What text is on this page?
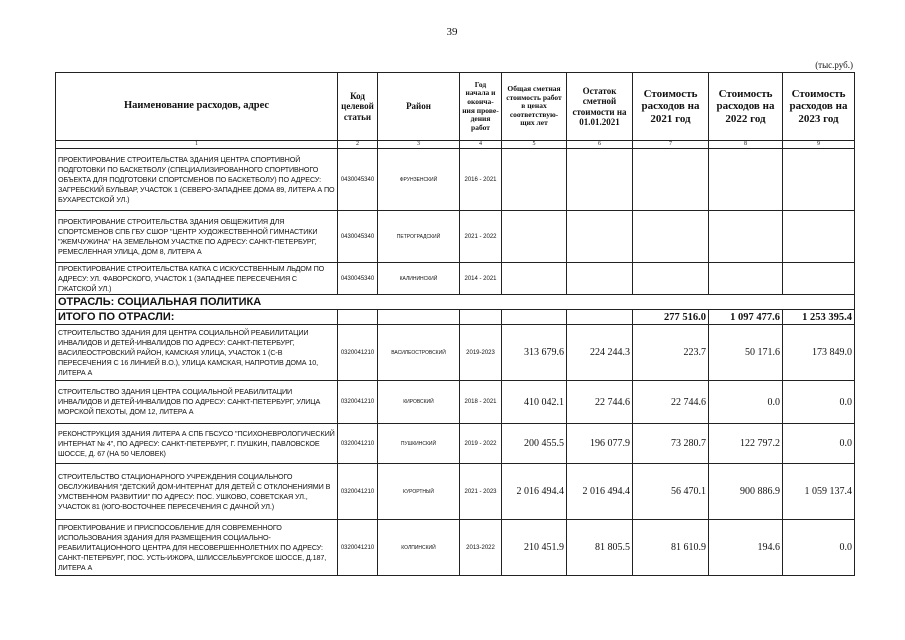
39
(тыс.руб.)
Наименование расходов, адрес	Код целевой статьи	Район	Год начала и оконча-ния прове-дения работ	Общая сметная стоимость работ в ценах соответствую-щих лет	Остаток сметной стоимости на 01.01.2021	Стоимость расходов на 2021 год	Стоимость расходов на 2022 год	Стоимость расходов на 2023 год
1	2	3	4	5	6	7	8	9
ПРОЕКТИРОВАНИЕ СТРОИТЕЛЬСТВА ЗДАНИЯ ЦЕНТРА СПОРТИВНОЙ ПОДГОТОВКИ ПО БАСКЕТБОЛУ (СПЕЦИАЛИЗИРОВАННОГО СПОРТИВНОГО ОБЪЕКТА ДЛЯ ПОДГОТОВКИ СПОРТСМЕНОВ ПО БАСКЕТБОЛУ) ПО АДРЕСУ: ЗАГРЕБСКИЙ БУЛЬВАР, УЧАСТОК 1 (СЕВЕРО-ЗАПАДНЕЕ ДОМА 89, ЛИТЕРА А ПО БУХАРЕСТСКОЙ УЛ.)	0430045340	ФРУНЗЕНСКИЙ	2016 - 2021					
ПРОЕКТИРОВАНИЕ СТРОИТЕЛЬСТВА ЗДАНИЯ ОБЩЕЖИТИЯ ДЛЯ СПОРТСМЕНОВ СПБ ГБУ СШОР "ЦЕНТР ХУДОЖЕСТВЕННОЙ ГИМНАСТИКИ "ЖЕМЧУЖИНА" НА ЗЕМЕЛЬНОМ УЧАСТКЕ ПО АДРЕСУ: САНКТ-ПЕТЕРБУРГ, РЕМЕСЛЕННАЯ УЛИЦА, ДОМ 8, ЛИТЕРА А	0430045340	ПЕТРОГРАДСКИЙ	2021 - 2022					
ПРОЕКТИРОВАНИЕ СТРОИТЕЛЬСТВА КАТКА С ИСКУССТВЕННЫМ ЛЬДОМ ПО АДРЕСУ: УЛ. ФАВОРСКОГО, УЧАСТОК 1 (ЗАПАДНЕЕ ПЕРЕСЕЧЕНИЯ С ГЖАТСКОЙ УЛ.)	0430045340	КАЛИНИНСКИЙ	2014 - 2021					
ОТРАСЛЬ: СОЦИАЛЬНАЯ ПОЛИТИКА								
ИТОГО ПО ОТРАСЛИ:						277 516.0	1 097 477.6	1 253 395.4
СТРОИТЕЛЬСТВО ЗДАНИЯ ДЛЯ ЦЕНТРА СОЦИАЛЬНОЙ РЕАБИЛИТАЦИИ ИНВАЛИДОВ И ДЕТЕЙ-ИНВАЛИДОВ ПО АДРЕСУ: САНКТ-ПЕТЕРБУРГ, ВАСИЛЕОСТРОВСКИЙ РАЙОН, КАМСКАЯ УЛИЦА, УЧАСТОК 1 (С-В ПЕРЕСЕЧЕНИЯ С 16 ЛИНИЕЙ В.О.), УЛИЦА КАМСКАЯ, НАПРОТИВ ДОМА 10, ЛИТЕРА А	0320041210	ВАСИЛЕОСТРОВСКИЙ	2019-2023	313 679.6	224 244.3	223.7	50 171.6	173 849.0
СТРОИТЕЛЬСТВО ЗДАНИЯ ЦЕНТРА СОЦИАЛЬНОЙ РЕАБИЛИТАЦИИ ИНВАЛИДОВ И ДЕТЕЙ-ИНВАЛИДОВ ПО АДРЕСУ: САНКТ-ПЕТЕРБУРГ, УЛИЦА МОРСКОЙ ПЕХОТЫ, ДОМ 12, ЛИТЕРА А	0320041210	КИРОВСКИЙ	2018 - 2021	410 042.1	22 744.6	22 744.6	0.0	0.0
РЕКОНСТРУКЦИЯ ЗДАНИЯ ЛИТЕРА А СПБ ГБСУСО "ПСИХОНЕВРОЛОГИЧЕСКИЙ ИНТЕРНАТ № 4", ПО АДРЕСУ: САНКТ-ПЕТЕРБУРГ, Г. ПУШКИН, ПАВЛОВСКОЕ ШОССЕ, Д. 67 (НА 50 ЧЕЛОВЕК)	0320041210	ПУШКИНСКИЙ	2019 - 2022	200 455.5	196 077.9	73 280.7	122 797.2	0.0
СТРОИТЕЛЬСТВО СТАЦИОНАРНОГО УЧРЕЖДЕНИЯ СОЦИАЛЬНОГО ОБСЛУЖИВАНИЯ "ДЕТСКИЙ ДОМ-ИНТЕРНАТ ДЛЯ ДЕТЕЙ С ОТКЛОНЕНИЯМИ В УМСТВЕННОМ РАЗВИТИИ" ПО АДРЕСУ: ПОС. УШКОВО, СОВЕТСКАЯ УЛ., УЧАСТОК 81 (ЮГО-ВОСТОЧНЕЕ ПЕРЕСЕЧЕНИЯ С ДАЧНОЙ УЛ.)	0320041210	КУРОРТНЫЙ	2021 - 2023	2 016 494.4	2 016 494.4	56 470.1	900 886.9	1 059 137.4
ПРОЕКТИРОВАНИЕ И ПРИСПОСОБЛЕНИЕ ДЛЯ СОВРЕМЕННОГО ИСПОЛЬЗОВАНИЯ ЗДАНИЯ ДЛЯ РАЗМЕЩЕНИЯ СОЦИАЛЬНО-РЕАБИЛИТАЦИОННОГО ЦЕНТРА ДЛЯ НЕСОВЕРШЕННОЛЕТНИХ ПО АДРЕСУ: САНКТ-ПЕТЕРБУРГ, ПОС. УСТЬ-ИЖОРА, ШЛИССЕЛЬБУРГСКОЕ ШОССЕ, Д.187, ЛИТЕРА А	0320041210	КОЛПИНСКИЙ	2013-2022	210 451.9	81 805.5	81 610.9	194.6	0.0
